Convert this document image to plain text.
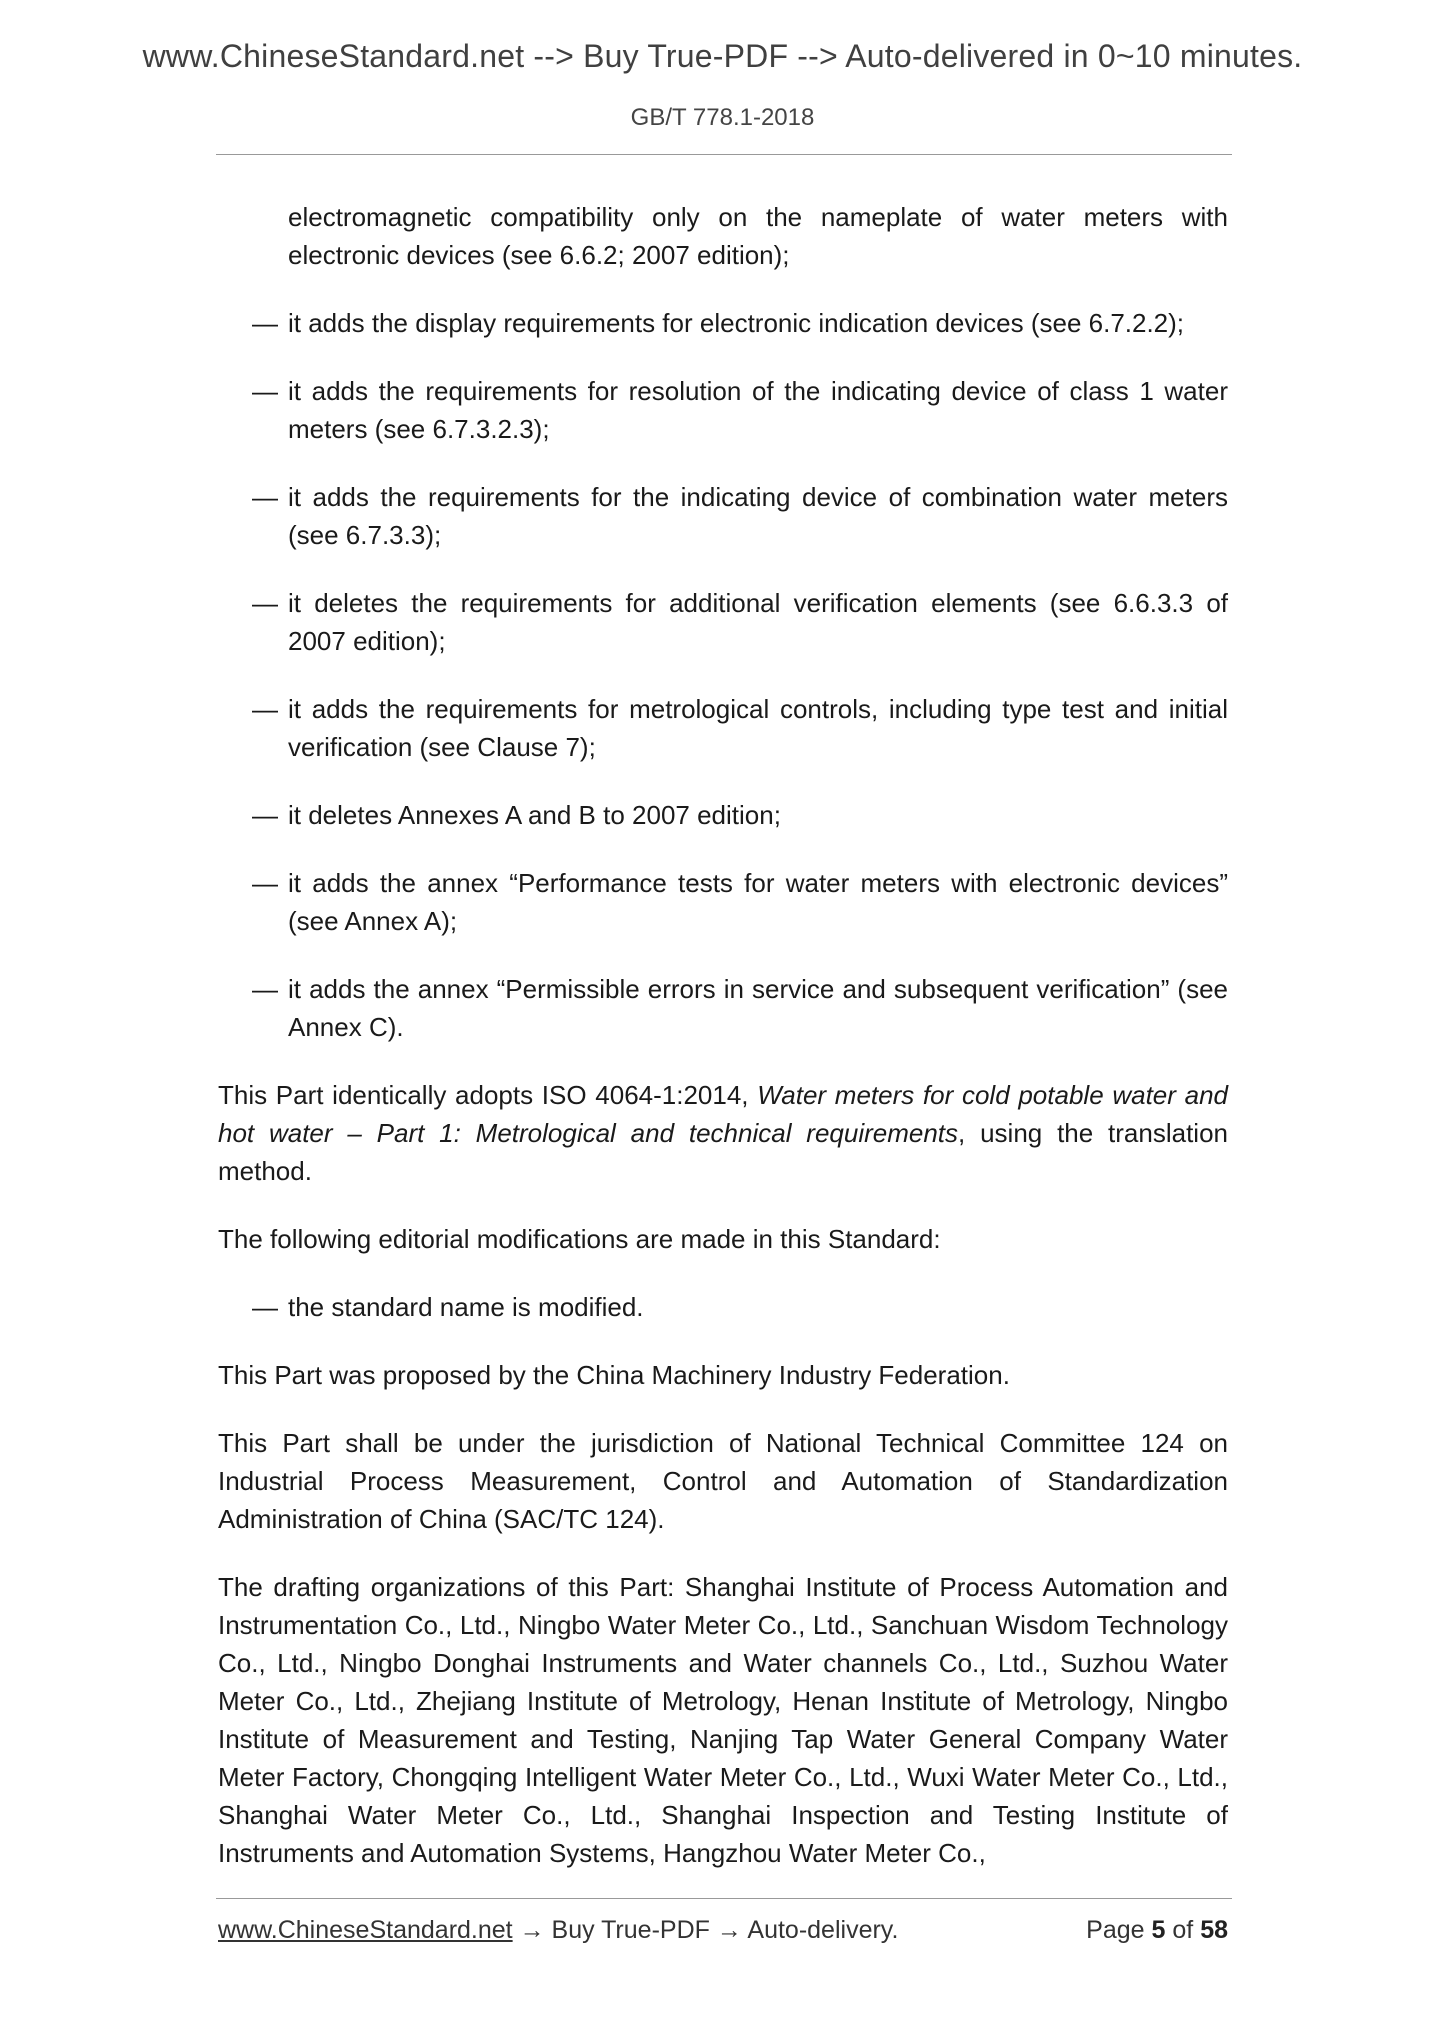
www.ChineseStandard.net --> Buy True-PDF --> Auto-delivered in 0~10 minutes.
GB/T 778.1-2018
electromagnetic compatibility only on the nameplate of water meters with electronic devices (see 6.6.2; 2007 edition);
— it adds the display requirements for electronic indication devices (see 6.7.2.2);
— it adds the requirements for resolution of the indicating device of class 1 water meters (see 6.7.3.2.3);
— it adds the requirements for the indicating device of combination water meters (see 6.7.3.3);
— it deletes the requirements for additional verification elements (see 6.6.3.3 of 2007 edition);
— it adds the requirements for metrological controls, including type test and initial verification (see Clause 7);
— it deletes Annexes A and B to 2007 edition;
— it adds the annex “Performance tests for water meters with electronic devices” (see Annex A);
— it adds the annex “Permissible errors in service and subsequent verification” (see Annex C).
This Part identically adopts ISO 4064-1:2014, Water meters for cold potable water and hot water – Part 1: Metrological and technical requirements, using the translation method.
The following editorial modifications are made in this Standard:
— the standard name is modified.
This Part was proposed by the China Machinery Industry Federation.
This Part shall be under the jurisdiction of National Technical Committee 124 on Industrial Process Measurement, Control and Automation of Standardization Administration of China (SAC/TC 124).
The drafting organizations of this Part: Shanghai Institute of Process Automation and Instrumentation Co., Ltd., Ningbo Water Meter Co., Ltd., Sanchuan Wisdom Technology Co., Ltd., Ningbo Donghai Instruments and Water channels Co., Ltd., Suzhou Water Meter Co., Ltd., Zhejiang Institute of Metrology, Henan Institute of Metrology, Ningbo Institute of Measurement and Testing, Nanjing Tap Water General Company Water Meter Factory, Chongqing Intelligent Water Meter Co., Ltd., Wuxi Water Meter Co., Ltd., Shanghai Water Meter Co., Ltd., Shanghai Inspection and Testing Institute of Instruments and Automation Systems, Hangzhou Water Meter Co.,
www.ChineseStandard.net → Buy True-PDF → Auto-delivery.	Page 5 of 58
